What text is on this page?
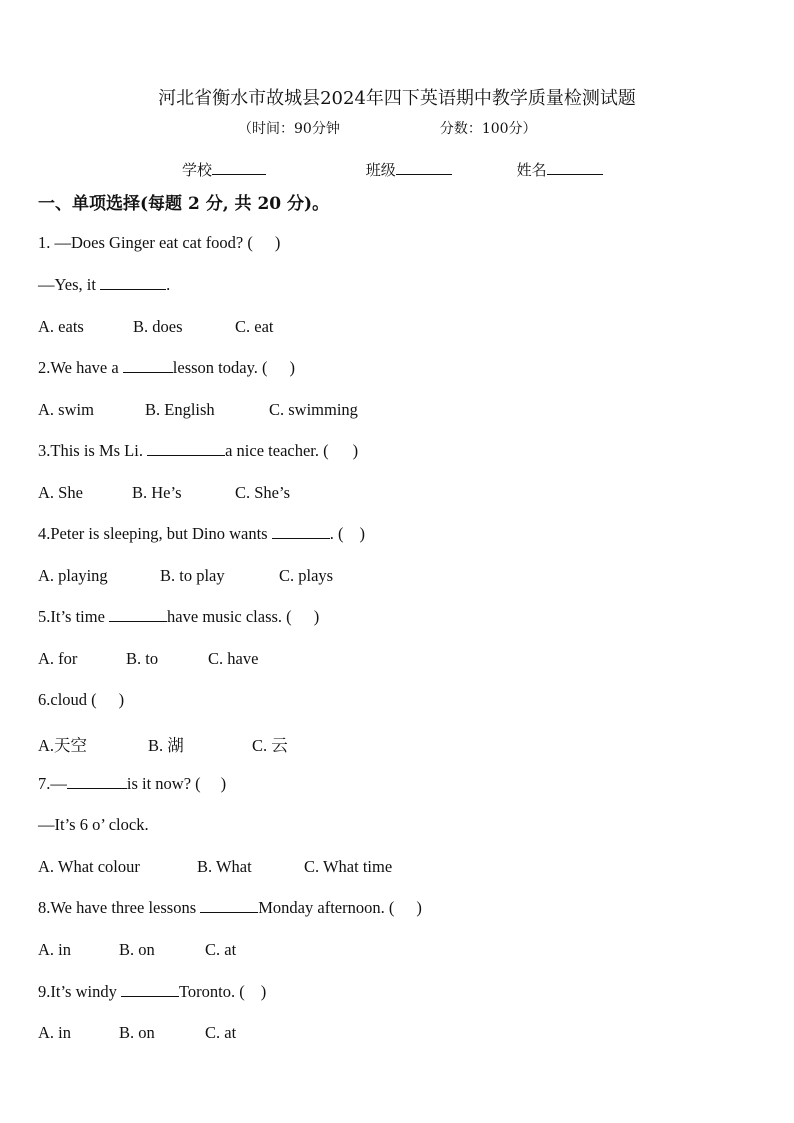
河北省衡水市故城县2024年四下英语期中教学质量检测试题
（时间：90分钟	分数：100分）
学校	班级	姓名
一、单项选择(每题 2 分, 共 20 分)。
1. —Does Ginger eat cat food? ( )
—Yes, it	.
A. eats	B. does	C. eat
2.We have a	lesson today. ( )
A. swim	B. English	C. swimming
3.This is Ms Li.	a nice teacher. ( )
A. She	B. He’s	C. She’s
4.Peter is sleeping, but Dino wants	. ( )
A. playing	B. to play	C. plays
5.It’s time	have music class. ( )
A. for	B. to	C. have
6.cloud ( )
A.天空	B. 湖	C. 云
7.—	is it now? ( )
—It’s 6 o’ clock.
A. What colour	B. What	C. What time
8.We have three lessons	Monday afternoon. ( )
A. in	B. on	C. at
9.It’s windy	Toronto. ( )
A. in	B. on	C. at
